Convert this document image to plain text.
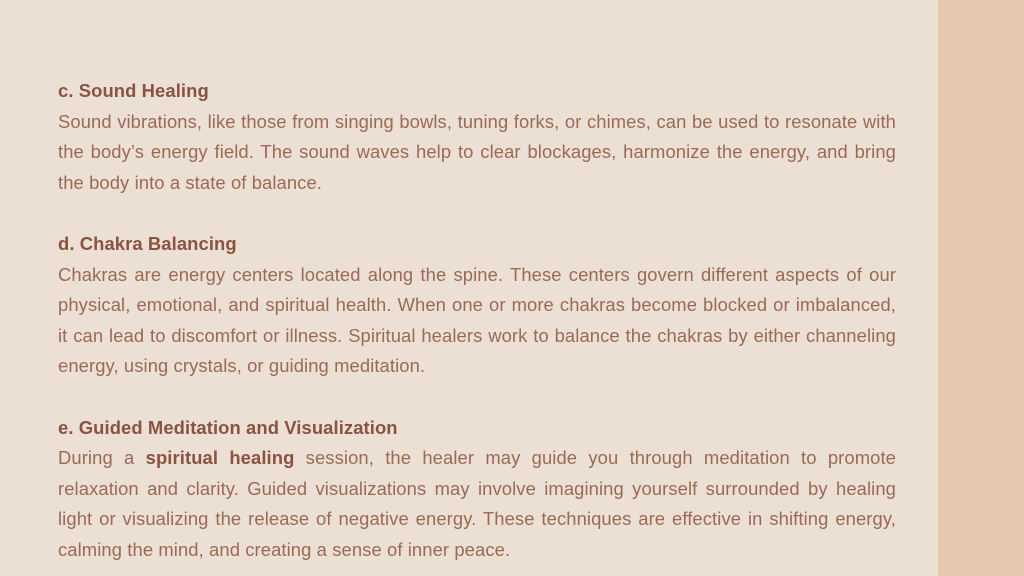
c. Sound Healing
Sound vibrations, like those from singing bowls, tuning forks, or chimes, can be used to resonate with the body’s energy field. The sound waves help to clear blockages, harmonize the energy, and bring the body into a state of balance.
d. Chakra Balancing
Chakras are energy centers located along the spine. These centers govern different aspects of our physical, emotional, and spiritual health. When one or more chakras become blocked or imbalanced, it can lead to discomfort or illness. Spiritual healers work to balance the chakras by either channeling energy, using crystals, or guiding meditation.
e. Guided Meditation and Visualization
During a spiritual healing session, the healer may guide you through meditation to promote relaxation and clarity. Guided visualizations may involve imagining yourself surrounded by healing light or visualizing the release of negative energy. These techniques are effective in shifting energy, calming the mind, and creating a sense of inner peace.
